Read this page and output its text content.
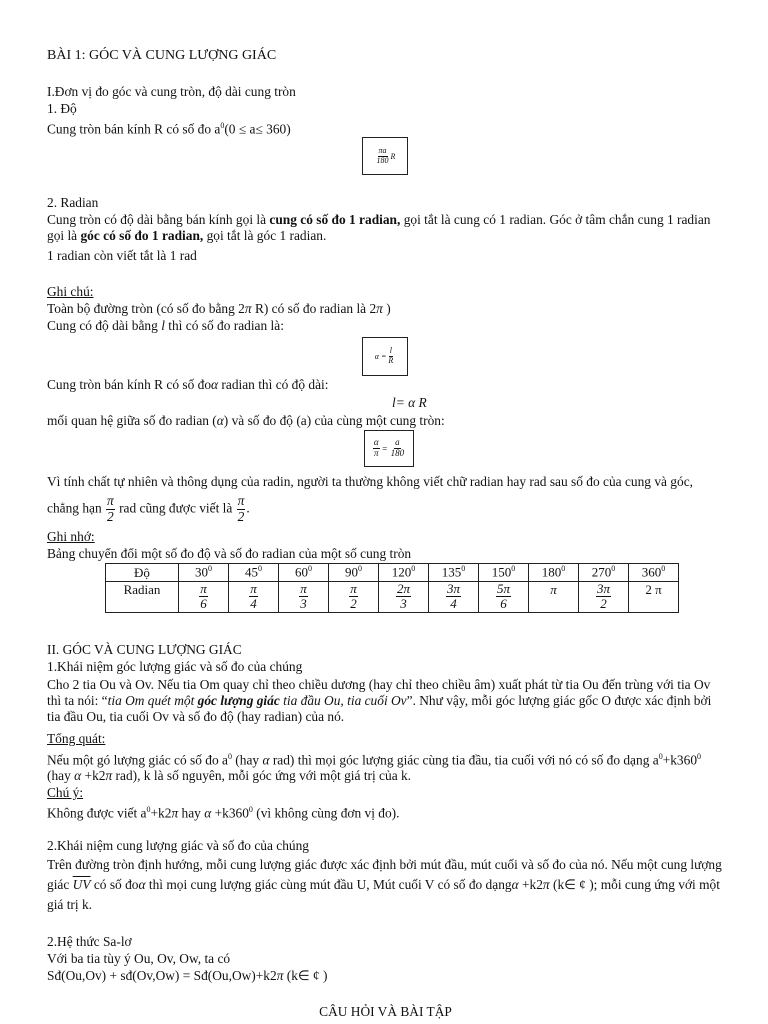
BÀI 1: GÓC VÀ CUNG LƯỢNG GIÁC
I.Đơn vị đo góc và cung tròn, độ dài cung tròn
1. Độ
Cung tròn bán kính R có số đo $a^0(0 \le a\le 360)$
πa
180 R
2. Radian
Cung tròn có độ dài bằng bán kính gọi là cung có số đo 1 radian, gọi tắt là cung có 1 radian. Góc ở tâm chắn cung 1 radian gọi là góc có số đo 1 radian, gọi tắt là góc 1 radian.
1 radian còn viết tắt là 1 rad
Ghi chú:
Toàn bộ đường tròn (có số đo bằng 2π R) có số đo radian là 2π )
Cung có độ dài bằng l thì có số đo radian là:
$\alpha = \frac{l}{R}$
Cung tròn bán kính R có số đoα radian thì có độ dài:
l= α R
mối quan hệ giữa số đo radian (α) và số đo độ (a) của cùng một cung tròn:
$\frac{\alpha}{\pi} = \frac{a}{180}$
Vì tính chất tự nhiên và thông dụng của radin, người ta thường không viết chữ radian hay rad sau số đo của cung và góc, chẳng hạn $\frac{\pi}{2}$ rad cũng được viết là $\frac{\pi}{2}$ .
Ghi nhớ:
Bảng chuyển đổi một số đo độ và số đo radian của một số cung tròn
Độ	$30^0$	$45^0$	$60^0$	$90^0$	$120^0$	$135^0$	$150^0$	$180^0$	$270^0$	$360^0$
Radian	$\frac{\pi}{6}$	$\frac{\pi}{4}$	$\frac{\pi}{3}$	$\frac{\pi}{2}$	$\frac{2\pi}{3}$	$\frac{3\pi}{4}$	$\frac{5\pi}{6}$	π	$\frac{3\pi}{2}$	2 π
II. GÓC VÀ CUNG LƯỢNG GIÁC
1.Khái niệm góc lượng giác và số đo của chúng
Cho 2 tia Ou và Ov. Nếu tia Om quay chỉ theo chiều dương (hay chỉ theo chiều âm) xuất phát từ tia Ou đến trùng với tia Ov thì ta nói: “tia Om quét một góc lượng giác tia đầu Ou, tia cuối Ov”. Như vậy, mỗi góc lượng giác gốc O được xác định bởi tia đầu Ou, tia cuối Ov và số đo độ (hay radian) của nó.
Tổng quát:
Nếu một gó lượng giác có số đo $a^0$ (hay α rad) thì mọi góc lượng giác cùng tia đầu, tia cuối với nó có số đo dạng $a^0+k360^0$ (hay α +k2π rad), k là số nguyên, mỗi góc ứng với một giá trị của k.
Chú ý:
Không được viết $a^0+k2\pi$ hay $\alpha +k360^0$ (vì không cùng đơn vị đo).
2.Khái niệm cung lượng giác và số đo của chúng
Trên đường tròn định hướng, mỗi cung lượng giác được xác định bởi mút đầu, mút cuối và số đo của nó. Nếu một cung lượng giác $\overline{UV}$ có số đoα thì mọi cung lượng giác cùng mút đầu U, Mút cuối V có số đo dạngα +k2π (k∈ ¢ ); mỗi cung ứng với một giá trị k.
2.Hệ thức Sa-lơ
Với ba tia tùy ý Ou, Ov, Ow, ta có
Sđ(Ou,Ov) + sđ(Ov,Ow) = Sđ(Ou,Ow)+k2π (k∈ ¢ )
CÂU HỎI VÀ BÀI TẬP
